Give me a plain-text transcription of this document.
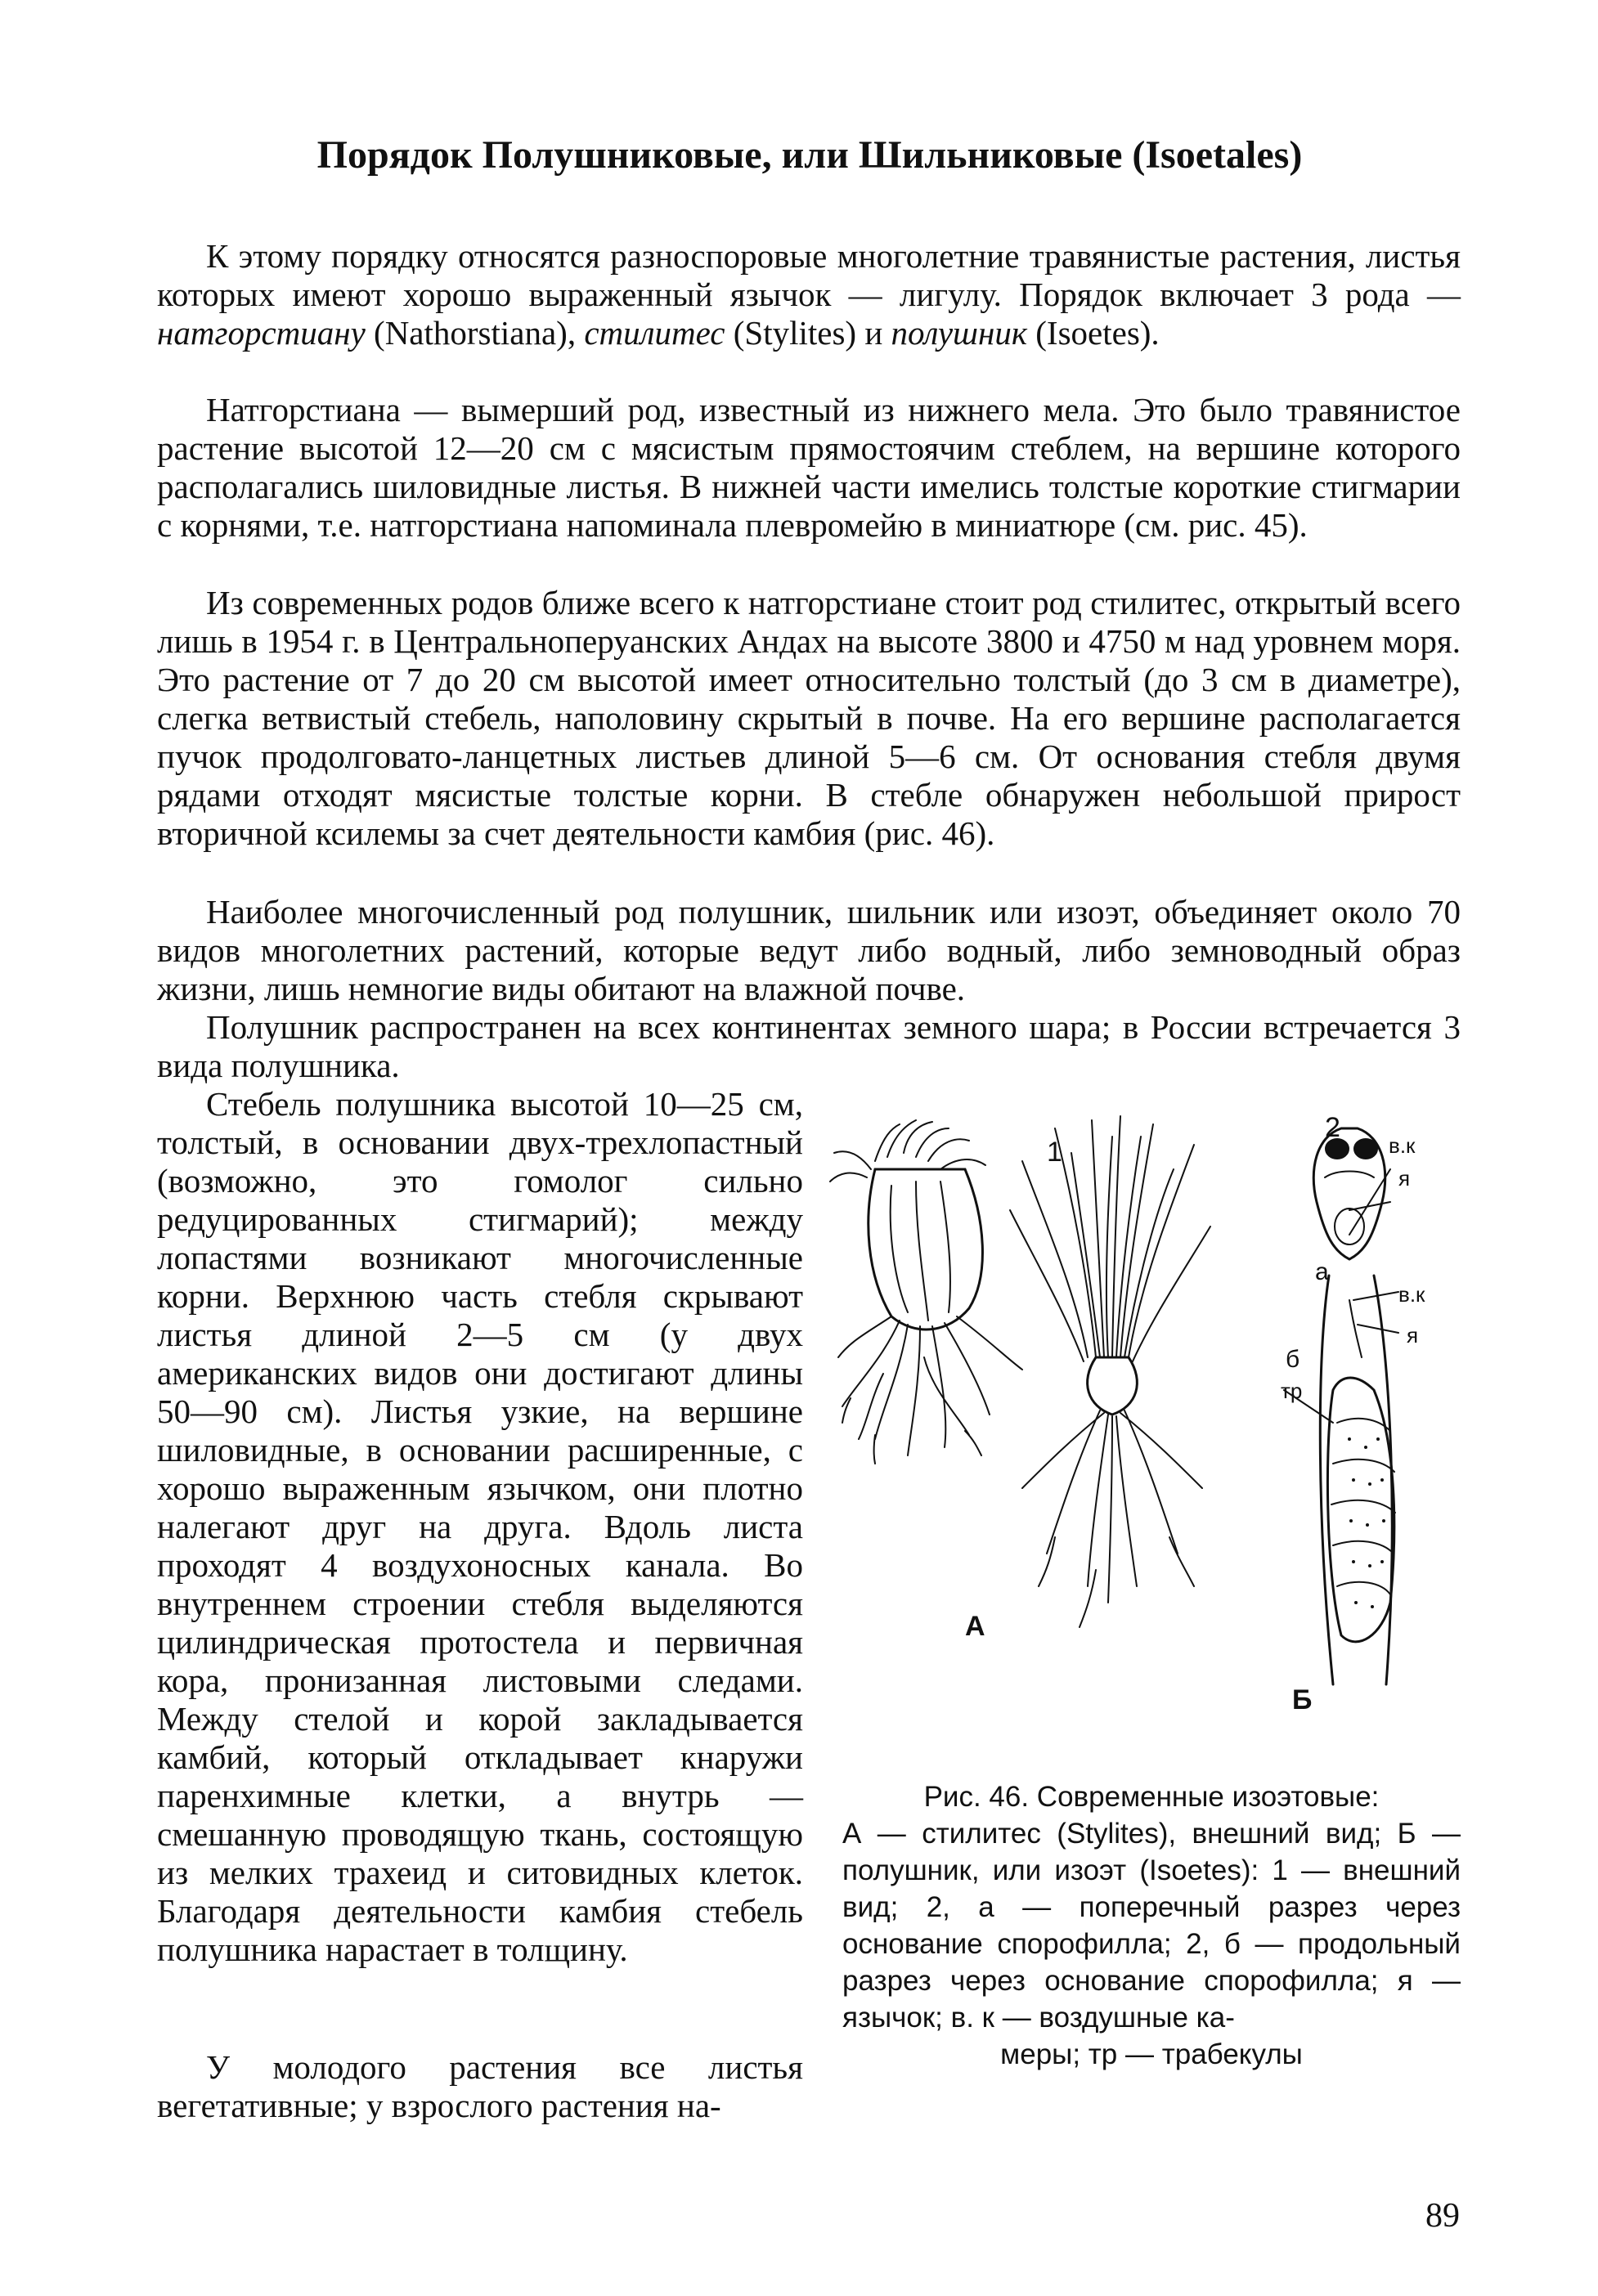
Порядок Полушниковые, или Шильниковые (Isoetales)

К этому порядку относятся разноспоровые многолетние травянистые растения, листья которых имеют хорошо выраженный язычок — лигулу. Порядок включает 3 рода — натгорстиану (Nathorstiana), стилитес (Stylites) и полушник (Isoetes).

Натгорстиана — вымерший род, известный из нижнего мела. Это было травянистое растение высотой 12—20 см с мясистым прямостоячим стеблем, на вершине которого располагались шиловидные листья. В нижней части имелись толстые короткие стигмарии с корнями, т.е. натгорстиана напоминала плевромейю в миниатюре (см. рис. 45).

Из современных родов ближе всего к натгорстиане стоит род стилитес, открытый всего лишь в 1954 г. в Центральноперуанских Андах на высоте 3800 и 4750 м над уровнем моря. Это растение от 7 до 20 см высотой имеет относительно толстый (до 3 см в диаметре), слегка ветвистый стебель, наполовину скрытый в почве. На его вершине располагается пучок продолговато-ланцетных листьев длиной 5—6 см. От основания стебля двумя рядами отходят мясистые толстые корни. В стебле обнаружен небольшой прирост вторичной ксилемы за счет деятельности камбия (рис. 46).

Наиболее многочисленный род полушник, шильник или изоэт, объединяет около 70 видов многолетних растений, которые ведут либо водный, либо земноводный образ жизни, лишь немногие виды обитают на влажной почве.

Полушник распространен на всех континентах земного шара; в России встречается 3 вида полушника.

Стебель полушника высотой 10—25 см, толстый, в основании двух-трехлопастный (возможно, это гомолог сильно редуцированных стигмарий); между лопастями возникают многочисленные корни. Верхнюю часть стебля скрывают листья длиной 2—5 см (у двух американских видов они достигают длины 50—90 см). Листья узкие, на вершине шиловидные, в основании расширенные, с хорошо выраженным язычком, они плотно налегают друг на друга. Вдоль листа проходят 4 воздухоносных канала. Во внутреннем строении стебля выделяются цилиндрическая протостела и первичная кора, пронизанная листовыми следами. Между стелой и корой закладывается камбий, который откладывает кнаружи паренхимные клетки, а внутрь — смешанную проводящую ткань, состоящую из мелких трахеид и ситовидных клеток. Благодаря деятельности камбия стебель полушника нарастает в толщину.

У молодого растения все листья вегетативные; у взрослого растения на-

1
2
в.к
я
а
в.к
я
б
тр
А
Б

Рис. 46. Современные изоэтовые:
А — стилитес (Stylites), внешний вид; Б — полушник, или изоэт (Isoetes): 1 — внешний вид; 2, а — поперечный разрез через основание спорофилла; 2, б — продольный разрез через основание спорофилла; я — язычок; в. к — воздушные ка-
меры; тр — трабекулы

89
